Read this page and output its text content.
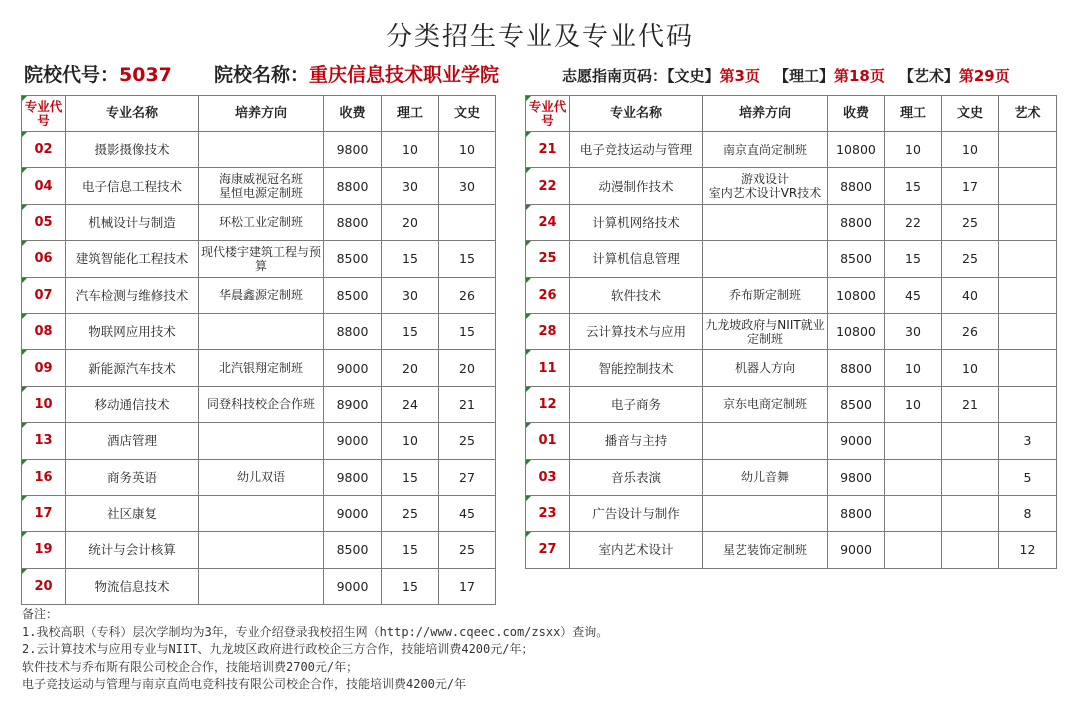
分类招生专业及专业代码
院校代号：5037 院校名称：重庆信息技术职业学院	志愿指南页码：【文史】第3页 【理工】第18页 【艺术】第29页
专业代号	专业名称	培养方向	收费	理工	文史
02	摄影摄像技术		9800	10	10
04	电子信息工程技术	海康威视冠名班
星恒电源定制班	8800	30	30
05	机械设计与制造	环松工业定制班	8800	20	
06	建筑智能化工程技术	现代楼宇建筑工程与预算	8500	15	15
07	汽车检测与维修技术	华晨鑫源定制班	8500	30	26
08	物联网应用技术		8800	15	15
09	新能源汽车技术	北汽银翔定制班	9000	20	20
10	移动通信技术	同登科技校企合作班	8900	24	21
13	酒店管理		9000	10	25
16	商务英语	幼儿双语	9800	15	27
17	社区康复		9000	25	45
19	统计与会计核算		8500	15	25
20	物流信息技术		9000	15	17
专业代号	专业名称	培养方向	收费	理工	文史	艺术
21	电子竞技运动与管理	南京直尚定制班	10800	10	10	
22	动漫制作技术	游戏设计
室内艺术设计VR技术	8800	15	17	
24	计算机网络技术		8800	22	25	
25	计算机信息管理		8500	15	25	
26	软件技术	乔布斯定制班	10800	45	40	
28	云计算技术与应用	九龙坡政府与NIIT就业定制班	10800	30	26	
11	智能控制技术	机器人方向	8800	10	10	
12	电子商务	京东电商定制班	8500	10	21	
01	播音与主持		9000			3
03	音乐表演	幼儿音舞	9800			5
23	广告设计与制作		8800			8
27	室内艺术设计	星艺装饰定制班	9000			12
备注：
1.我校高职（专科）层次学制均为3年，专业介绍登录我校招生网（http://www.cqeec.com/zsxx）查询。
2.云计算技术与应用专业与NIIT、九龙坡区政府进行政校企三方合作，技能培训费4200元/年；
软件技术与乔布斯有限公司校企合作，技能培训费2700元/年；
电子竞技运动与管理与南京直尚电竞科技有限公司校企合作，技能培训费4200元/年
